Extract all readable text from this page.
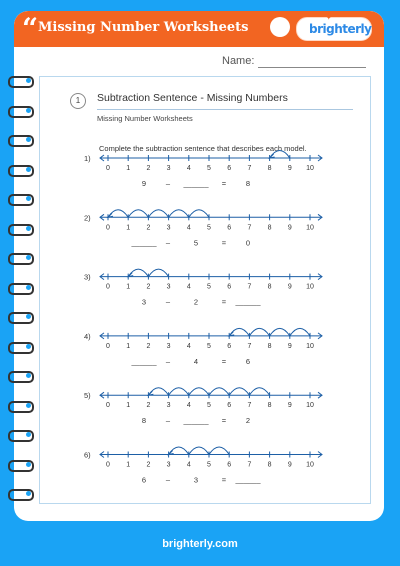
“ Missing Number Worksheets
✦
brighterly
Name:
1	Subtraction Sentence - Missing Numbers
Missing Number Worksheets
Complete the subtraction sentence that describes each model.
1)
0 1 2 3 4 5 6 7 8 9 10
9	– ______ =	8
2)
0 1 2 3 4 5 6 7 8 9 10
______ –	5	=	0
3)
0 1 2 3 4 5 6 7 8 9 10
3	–	2	= ______
4)
0 1 2 3 4 5 6 7 8 9 10
______ –	4	=	6
5)
0 1 2 3 4 5 6 7 8 9 10
8	– ______ =	2
6)
0 1 2 3 4 5 6 7 8 9 10
6	–	3	= ______
brighterly.com
